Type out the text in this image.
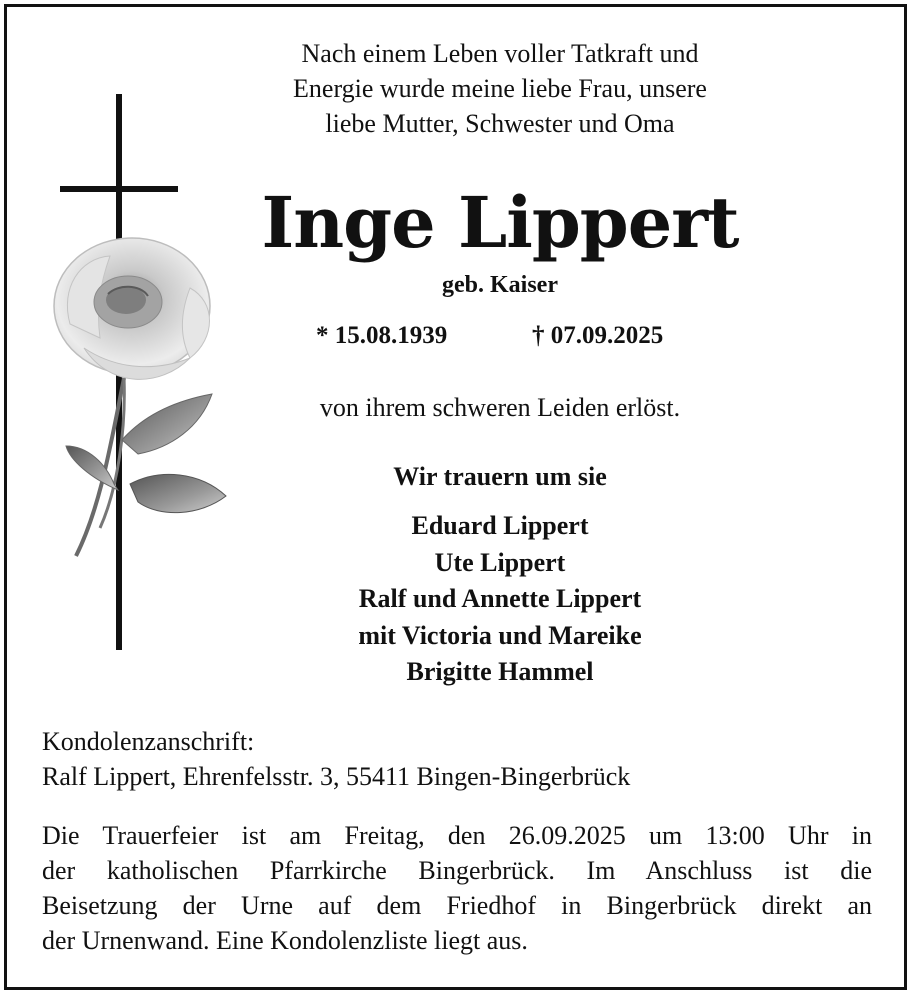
Nach einem Leben voller Tatkraft und
Energie wurde meine liebe Frau, unsere
liebe Mutter, Schwester und Oma
Inge Lippert
geb. Kaiser
* 15.08.1939	† 07.09.2025
von ihrem schweren Leiden erlöst.
Wir trauern um sie
Eduard Lippert
Ute Lippert
Ralf und Annette Lippert
mit Victoria und Mareike
Brigitte Hammel
Kondolenzanschrift:
Ralf Lippert, Ehrenfelsstr. 3, 55411 Bingen-Bingerbrück
Die Trauerfeier ist am Freitag, den 26.09.2025 um 13:00 Uhr in
der katholischen Pfarrkirche Bingerbrück. Im Anschluss ist die
Beisetzung der Urne auf dem Friedhof in Bingerbrück direkt an
der Urnenwand. Eine Kondolenzliste liegt aus.
